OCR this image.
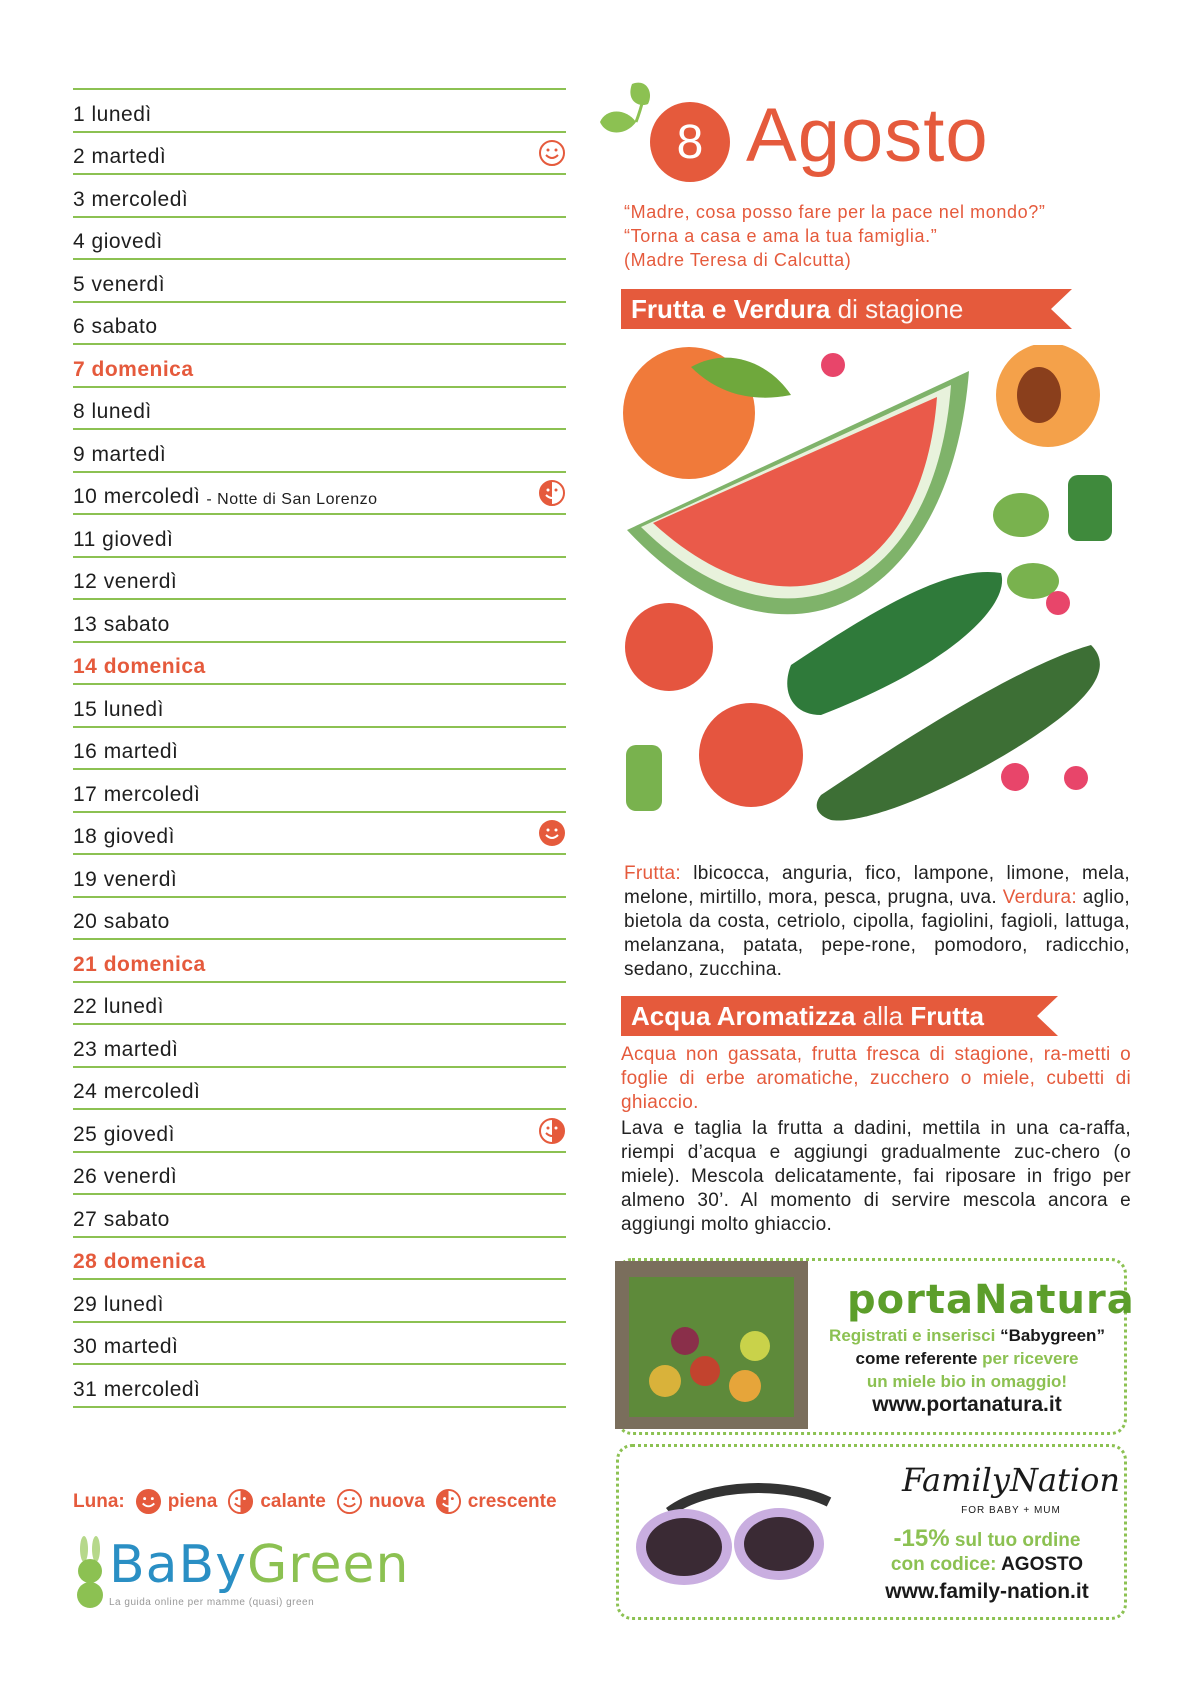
1 lunedì
2 martedì
3 mercoledì
4 giovedì
5 venerdì
6 sabato
7 domenica
8 lunedì
9 martedì
10 mercoledì - Notte di San Lorenzo
11 giovedì
12 venerdì
13 sabato
14 domenica
15 lunedì
16 martedì
17 mercoledì
18 giovedì
19 venerdì
20 sabato
21 domenica
22 lunedì
23 martedì
24 mercoledì
25 giovedì
26 venerdì
27 sabato
28 domenica
29 lunedì
30 martedì
31 mercoledì
Luna: piena calante nuova crescente
BaByGreen
La guida online per mamme (quasi) green
8 Agosto
“Madre, cosa posso fare per la pace nel mondo?”
“Torna a casa e ama la tua famiglia.”
(Madre Teresa di Calcutta)
Frutta e Verdura di stagione
Frutta: lbicocca, anguria, fico, lampone, limone, mela, melone, mirtillo, mora, pesca, prugna, uva. Verdura: aglio, bietola da costa, cetriolo, cipolla, fagiolini, fagioli, lattuga, melanzana, patata, pepe-rone, pomodoro, radicchio, sedano, zucchina.
Acqua Aromatizza alla Frutta
Acqua non gassata, frutta fresca di stagione, ra-metti o foglie di erbe aromatiche, zucchero o miele, cubetti di ghiaccio.
Lava e taglia la frutta a dadini, mettila in una ca-raffa, riempi d’acqua e aggiungi gradualmente zuc-chero (o miele). Mescola delicatamente, fai riposare in frigo per almeno 30’. Al momento di servire mescola ancora e aggiungi molto ghiaccio.
portaNatura
Registrati e inserisci “Babygreen”
come referente per ricevere
un miele bio in omaggio!
www.portanatura.it
FamilyNation
FOR BABY + MUM
-15% sul tuo ordine
con codice: AGOSTO
www.family-nation.it
